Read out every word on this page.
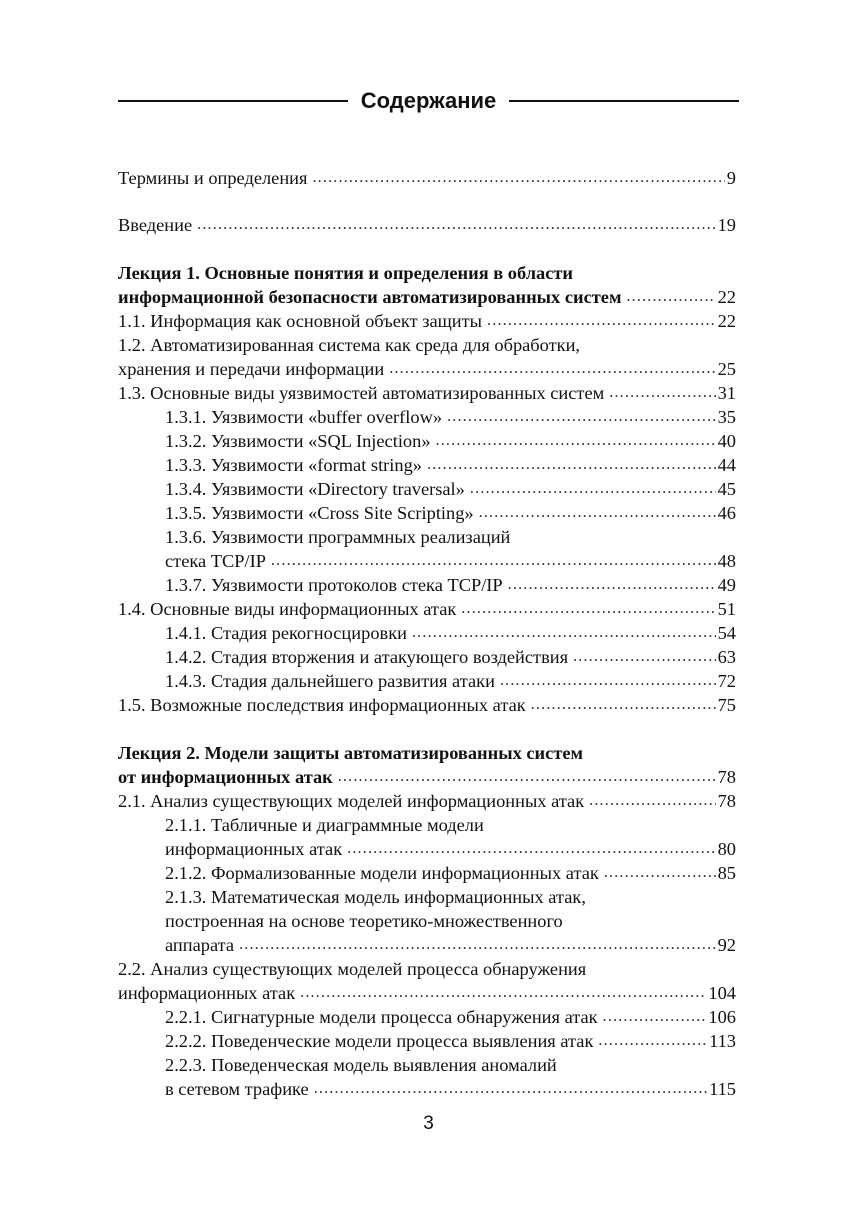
Содержание
Термины и определения .....	9
Введение .....	19
Лекция 1. Основные понятия и определения в области
информационной безопасности автоматизированных систем .....	22
1.1. Информация как основной объект защиты .....	22
1.2. Автоматизированная система как среда для обработки,
хранения и передачи информации .....	25
1.3. Основные виды уязвимостей автоматизированных систем .....	31
1.3.1. Уязвимости «buffer overflow» .....	35
1.3.2. Уязвимости «SQL Injection» .....	40
1.3.3. Уязвимости «format string» .....	44
1.3.4. Уязвимости «Directory traversal» .....	45
1.3.5. Уязвимости «Cross Site Scripting» .....	46
1.3.6. Уязвимости программных реализаций
стека TCP/IP .....	48
1.3.7. Уязвимости протоколов стека TCP/IP .....	49
1.4. Основные виды информационных атак .....	51
1.4.1. Стадия рекогносцировки .....	54
1.4.2. Стадия вторжения и атакующего воздействия .....	63
1.4.3. Стадия дальнейшего развития атаки .....	72
1.5. Возможные последствия информационных атак .....	75
Лекция 2. Модели защиты автоматизированных систем
от информационных атак .....	78
2.1. Анализ существующих моделей информационных атак .....	78
2.1.1. Табличные и диаграммные модели
информационных атак .....	80
2.1.2. Формализованные модели информационных атак .....	85
2.1.3. Математическая модель информационных атак,
построенная на основе теоретико-множественного
аппарата .....	92
2.2. Анализ существующих моделей процесса обнаружения
информационных атак .....	104
2.2.1. Сигнатурные модели процесса обнаружения атак .....	106
2.2.2. Поведенческие модели процесса выявления атак .....	113
2.2.3. Поведенческая модель выявления аномалий
в сетевом трафике .....	115
3
